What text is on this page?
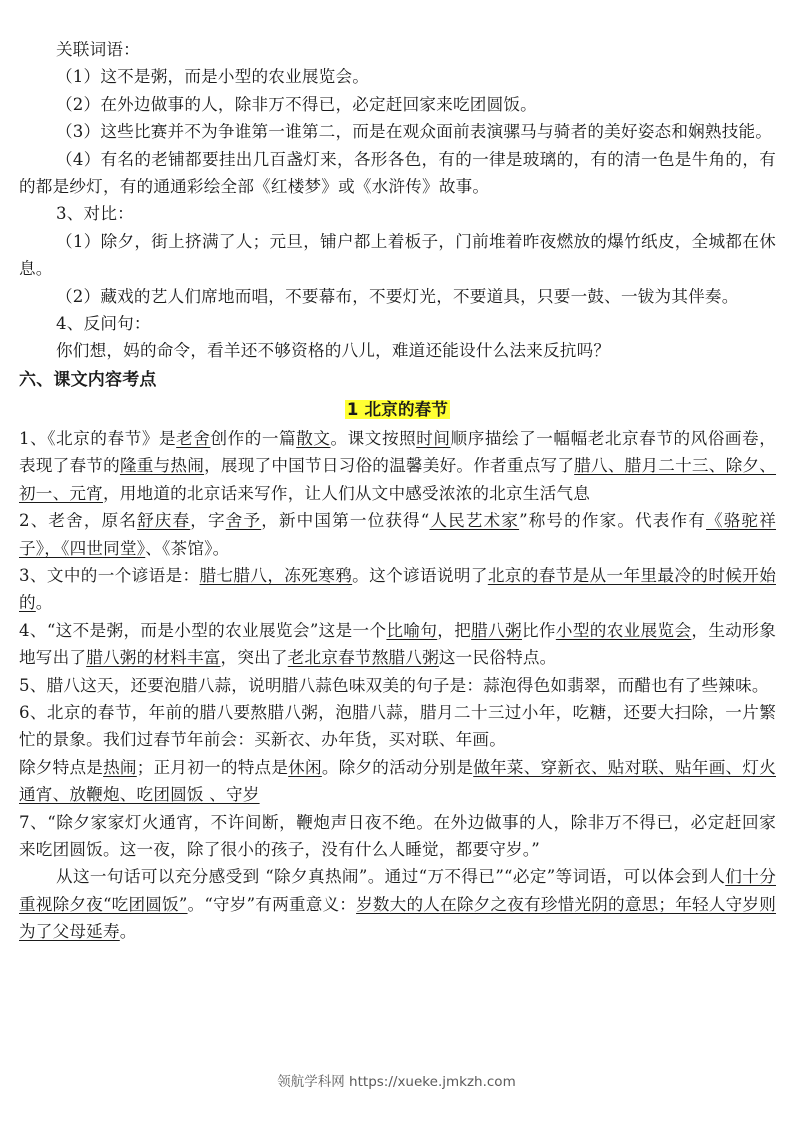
关联词语：

（1）这不是粥，而是小型的农业展览会。

（2）在外边做事的人，除非万不得已，必定赶回家来吃团圆饭。

（3）这些比赛并不为争谁第一谁第二，而是在观众面前表演骡马与骑者的美好姿态和娴熟技能。

（4）有名的老铺都要挂出几百盏灯来，各形各色，有的一律是玻璃的，有的清一色是牛角的，有的都是纱灯，有的通通彩绘全部《红楼梦》或《水浒传》故事。

3、对比：

（1）除夕，街上挤满了人；元旦，铺户都上着板子，门前堆着昨夜燃放的爆竹纸皮，全城都在休息。

（2）藏戏的艺人们席地而唱，不要幕布，不要灯光，不要道具，只要一鼓、一钹为其伴奏。

4、反问句：

你们想，妈的命令，看羊还不够资格的八儿，难道还能设什么法来反抗吗？

六、课文内容考点

1 北京的春节

1、《北京的春节》是老舍创作的一篇散文。课文按照时间顺序描绘了一幅幅老北京春节的风俗画卷，表现了春节的隆重与热闹，展现了中国节日习俗的温馨美好。作者重点写了腊八、腊月二十三、除夕、初一、元宵，用地道的北京话来写作，让人们从文中感受浓浓的北京生活气息

2、老舍，原名舒庆春，字舍予，新中国第一位获得“人民艺术家”称号的作家。代表作有《骆驼祥子》，《四世同堂》、《茶馆》。

3、文中的一个谚语是：腊七腊八，冻死寒鸦。这个谚语说明了北京的春节是从一年里最冷的时候开始的。

4、“这不是粥，而是小型的农业展览会”这是一个比喻句，把腊八粥比作小型的农业展览会，生动形象地写出了腊八粥的材料丰富，突出了老北京春节熬腊八粥这一民俗特点。

5、腊八这天，还要泡腊八蒜，说明腊八蒜色味双美的句子是：蒜泡得色如翡翠，而醋也有了些辣味。

6、北京的春节，年前的腊八要熬腊八粥，泡腊八蒜，腊月二十三过小年，吃糖，还要大扫除，一片繁忙的景象。我们过春节年前会：买新衣、办年货，买对联、年画。

除夕特点是热闹；正月初一的特点是休闲。除夕的活动分别是做年菜、穿新衣、贴对联、贴年画、灯火通宵、放鞭炮、吃团圆饭 、守岁

7、“除夕家家灯火通宵，不许间断，鞭炮声日夜不绝。在外边做事的人，除非万不得已，必定赶回家来吃团圆饭。这一夜，除了很小的孩子，没有什么人睡觉，都要守岁。”

从这一句话可以充分感受到 “除夕真热闹”。通过“万不得已”“必定”等词语，可以体会到人们十分重视除夕夜“吃团圆饭”。“守岁”有两重意义：岁数大的人在除夕之夜有珍惜光阴的意思；年轻人守岁则为了父母延寿。

领航学科网 https://xueke.jmkzh.com
